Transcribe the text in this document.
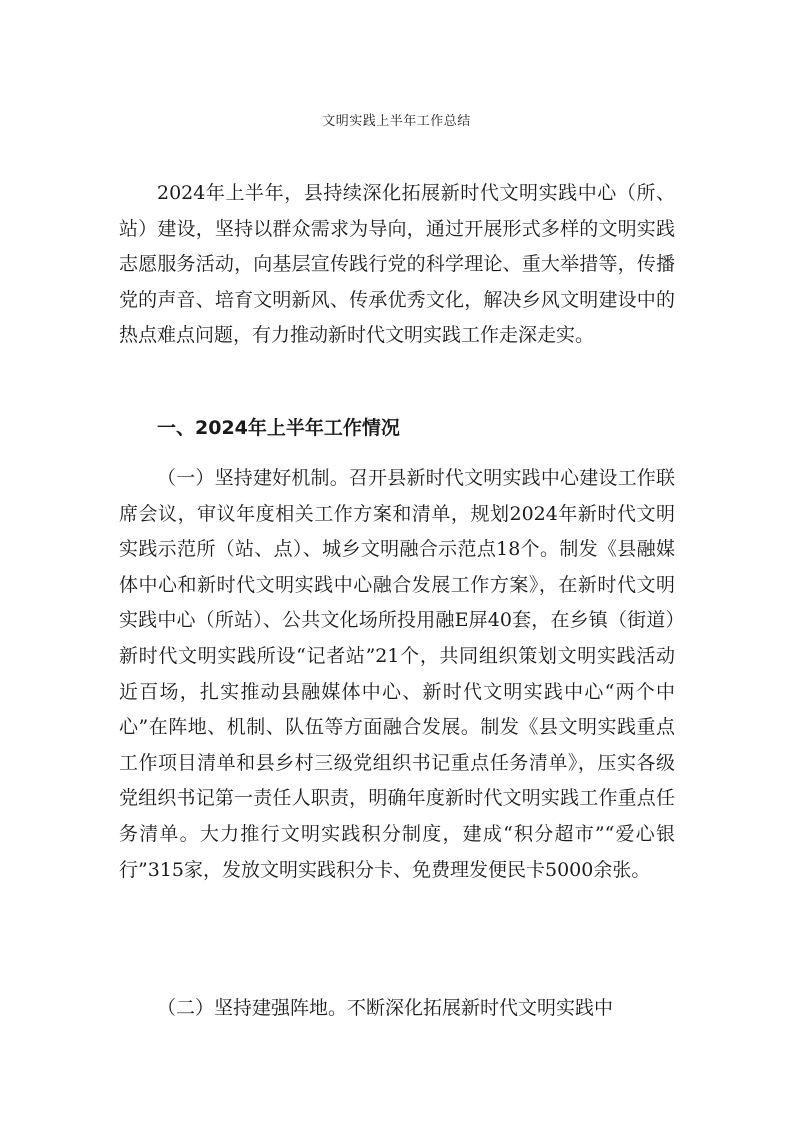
文明实践上半年工作总结

2024年上半年，县持续深化拓展新时代文明实践中心（所、站）建设，坚持以群众需求为导向，通过开展形式多样的文明实践志愿服务活动，向基层宣传践行党的科学理论、重大举措等，传播党的声音、培育文明新风、传承优秀文化，解决乡风文明建设中的热点难点问题，有力推动新时代文明实践工作走深走实。

一、2024年上半年工作情况

（一）坚持建好机制。召开县新时代文明实践中心建设工作联席会议，审议年度相关工作方案和清单，规划2024年新时代文明实践示范所（站、点）、城乡文明融合示范点18个。制发《县融媒体中心和新时代文明实践中心融合发展工作方案》，在新时代文明实践中心（所站）、公共文化场所投用融E屏40套，在乡镇（街道）新时代文明实践所设“记者站”21个，共同组织策划文明实践活动近百场，扎实推动县融媒体中心、新时代文明实践中心“两个中心”在阵地、机制、队伍等方面融合发展。制发《县文明实践重点工作项目清单和县乡村三级党组织书记重点任务清单》，压实各级党组织书记第一责任人职责，明确年度新时代文明实践工作重点任务清单。大力推行文明实践积分制度，建成“积分超市”“爱心银行”315家，发放文明实践积分卡、免费理发便民卡5000余张。

（二）坚持建强阵地。不断深化拓展新时代文明实践中
